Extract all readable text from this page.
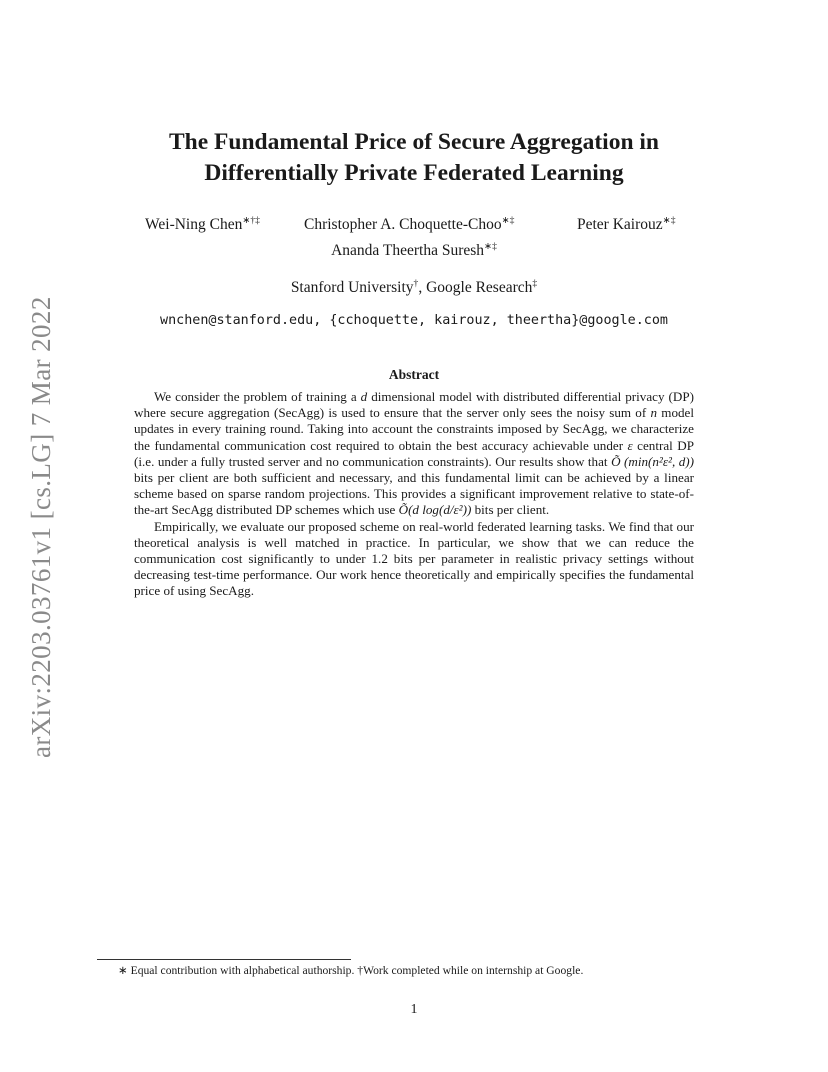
arXiv:2203.03761v1 [cs.LG] 7 Mar 2022
The Fundamental Price of Secure Aggregation in
Differentially Private Federated Learning
Wei-Ning Chen∗†‡	Christopher A. Choquette-Choo∗‡	Peter Kairouz∗‡
Ananda Theertha Suresh∗‡
Stanford University†, Google Research‡
wnchen@stanford.edu, {cchoquette, kairouz, theertha}@google.com
Abstract

We consider the problem of training a d dimensional model with distributed differential privacy (DP) where secure aggregation (SecAgg) is used to ensure that the server only sees the noisy sum of n model updates in every training round. Taking into account the constraints imposed by SecAgg, we characterize the fundamental communication cost required to obtain the best accuracy achievable under ε central DP (i.e. under a fully trusted server and no communication constraints). Our results show that Õ (min(n²ε², d)) bits per client are both sufficient and necessary, and this fundamental limit can be achieved by a linear scheme based on sparse random projections. This provides a significant improvement relative to state-of-the-art SecAgg distributed DP schemes which use Õ(d log(d/ε²)) bits per client.

Empirically, we evaluate our proposed scheme on real-world federated learning tasks. We find that our theoretical analysis is well matched in practice. In particular, we show that we can reduce the communication cost significantly to under 1.2 bits per parameter in realistic privacy settings without decreasing test-time performance. Our work hence theoretically and empirically specifies the fundamental price of using SecAgg.

∗ Equal contribution with alphabetical authorship. †Work completed while on internship at Google.
1
